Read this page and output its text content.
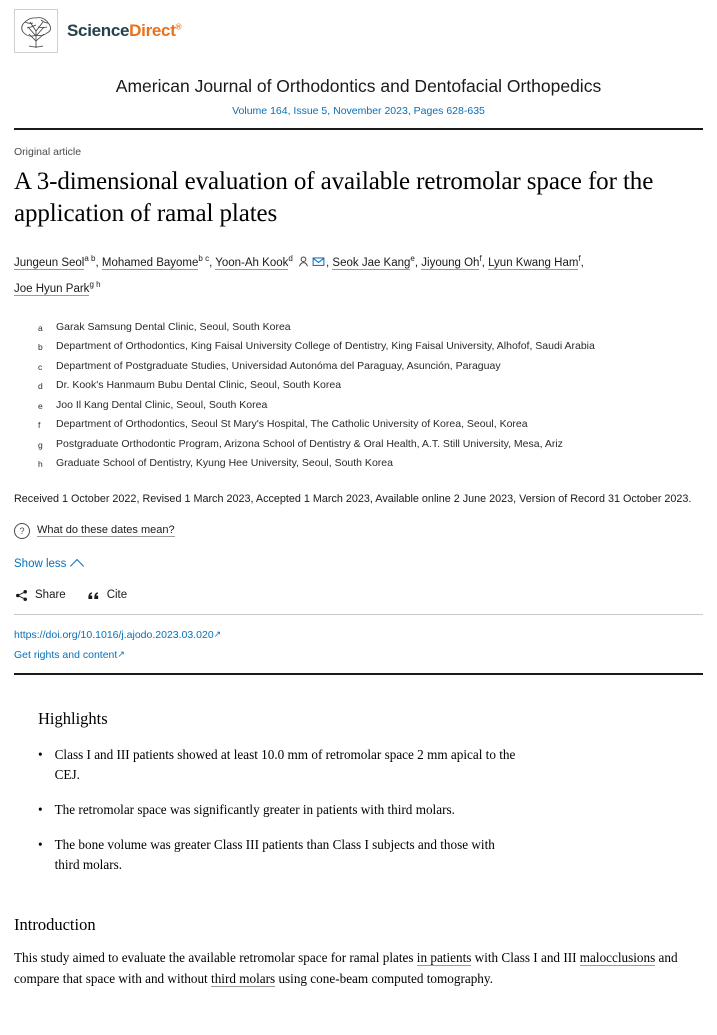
ScienceDirect®
American Journal of Orthodontics and Dentofacial Orthopedics
Volume 164, Issue 5, November 2023, Pages 628-635
Original article
A 3-dimensional evaluation of available retromolar space for the application of ramal plates
Jungeun Seol$^{a b}$, Mohamed Bayome$^{b c}$, Yoon-Ah Kook$^d$	, Seok Jae Kang$^e$, Jiyoung Oh$^f$, Lyun Kwang Ham$^f$,
Joe Hyun Park$^{g h}$
a	Garak Samsung Dental Clinic, Seoul, South Korea
b	Department of Orthodontics, King Faisal University College of Dentistry, King Faisal University, Alhofof, Saudi Arabia
c	Department of Postgraduate Studies, Universidad Autonóma del Paraguay, Asunción, Paraguay
d	Dr. Kook's Hanmaum Bubu Dental Clinic, Seoul, South Korea
e	Joo Il Kang Dental Clinic, Seoul, South Korea
f	Department of Orthodontics, Seoul St Mary's Hospital, The Catholic University of Korea, Seoul, Korea
g	Postgraduate Orthodontic Program, Arizona School of Dentistry & Oral Health, A.T. Still University, Mesa, Ariz
h	Graduate School of Dentistry, Kyung Hee University, Seoul, South Korea
Received 1 October 2022, Revised 1 March 2023, Accepted 1 March 2023, Available online 2 June 2023, Version of Record 31 October 2023.
?	What do these dates mean?
Show less
Share	Cite
https://doi.org/10.1016/j.ajodo.2023.03.020↗
Get rights and content↗
Highlights
• Class I and III patients showed at least 10.0 mm of retromolar space 2 mm apical to the CEJ.
• The retromolar space was significantly greater in patients with third molars.
• The bone volume was greater Class III patients than Class I subjects and those with third molars.
Introduction

This study aimed to evaluate the available retromolar space for ramal plates in patients with Class I and III malocclusions and compare that space with and without third molars using cone-beam computed tomography.
